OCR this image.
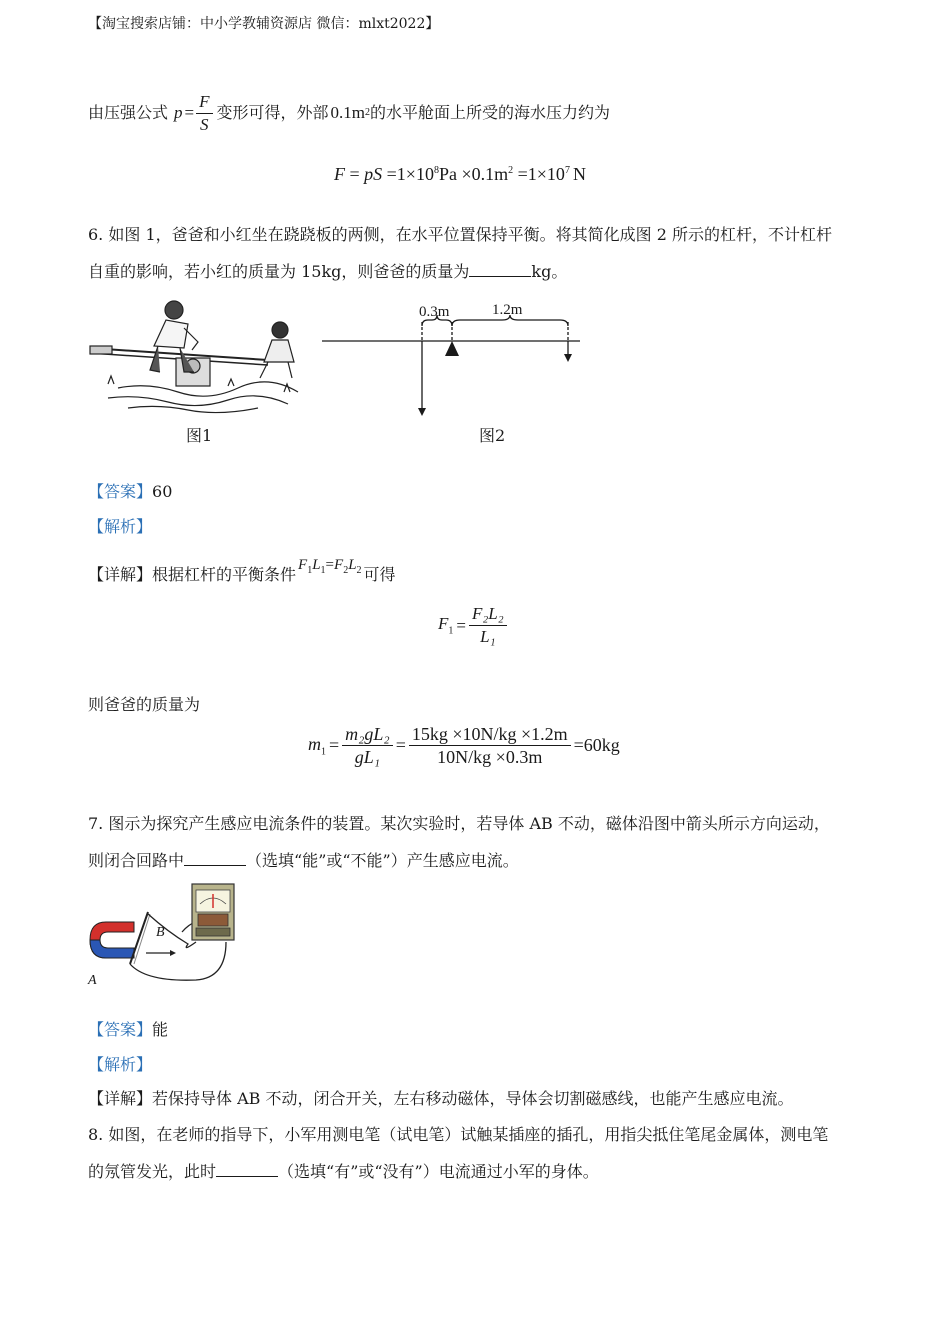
【淘宝搜索店铺：中小学教辅资源店 微信：mlxt2022】
由压强公式 $p = \frac{F}{S}$ 变形可得，外部 0.1m 2 的水平舱面上所受的海水压力约为
F = pS $=1\times 10^8Pa \times 0.1m^2 =1\times 10^7$ N
6. 如图 1，爸爸和小红坐在跷跷板的两侧，在水平位置保持平衡。将其简化成图 2 所示的杠杆，不计杠杆
自重的影响，若小红的质量为 15kg，则爸爸的质量为	kg。
图1
0.3m	1.2m
图2
【答案】60
【解析】
【详解】 根据杠杆的平衡条件 $F_1L_1=F_2L_2$ 可得
$F_1 = \frac{\text{F₂L₂}}{\text{L₁}}$
则爸爸的质量为
$m_1 = \frac{\text{m₂gL₂}}{\text{gL₁}} = \frac{15kg \times 10N/kg \times 1.2m}{10N/kg \times 0.3m} =60kg$
7. 图示为探究产生感应电流条件的装置。某次实验时，若导体 AB 不动，磁体沿图中箭头所示方向运动，
则闭合回路中	（选填“能”或“不能”）产生感应电流。
B
A
【答案】能
【解析】
【详解】若保持导体 AB 不动，闭合开关，左右移动磁体，导体会切割磁感线，也能产生感应电流。
8. 如图，在老师的指导下，小军用测电笔（试电笔）试触某插座的插孔，用指尖抵住笔尾金属体，测电笔
的氖管发光，此时	（选填“有”或“没有”）电流通过小军的身体。
